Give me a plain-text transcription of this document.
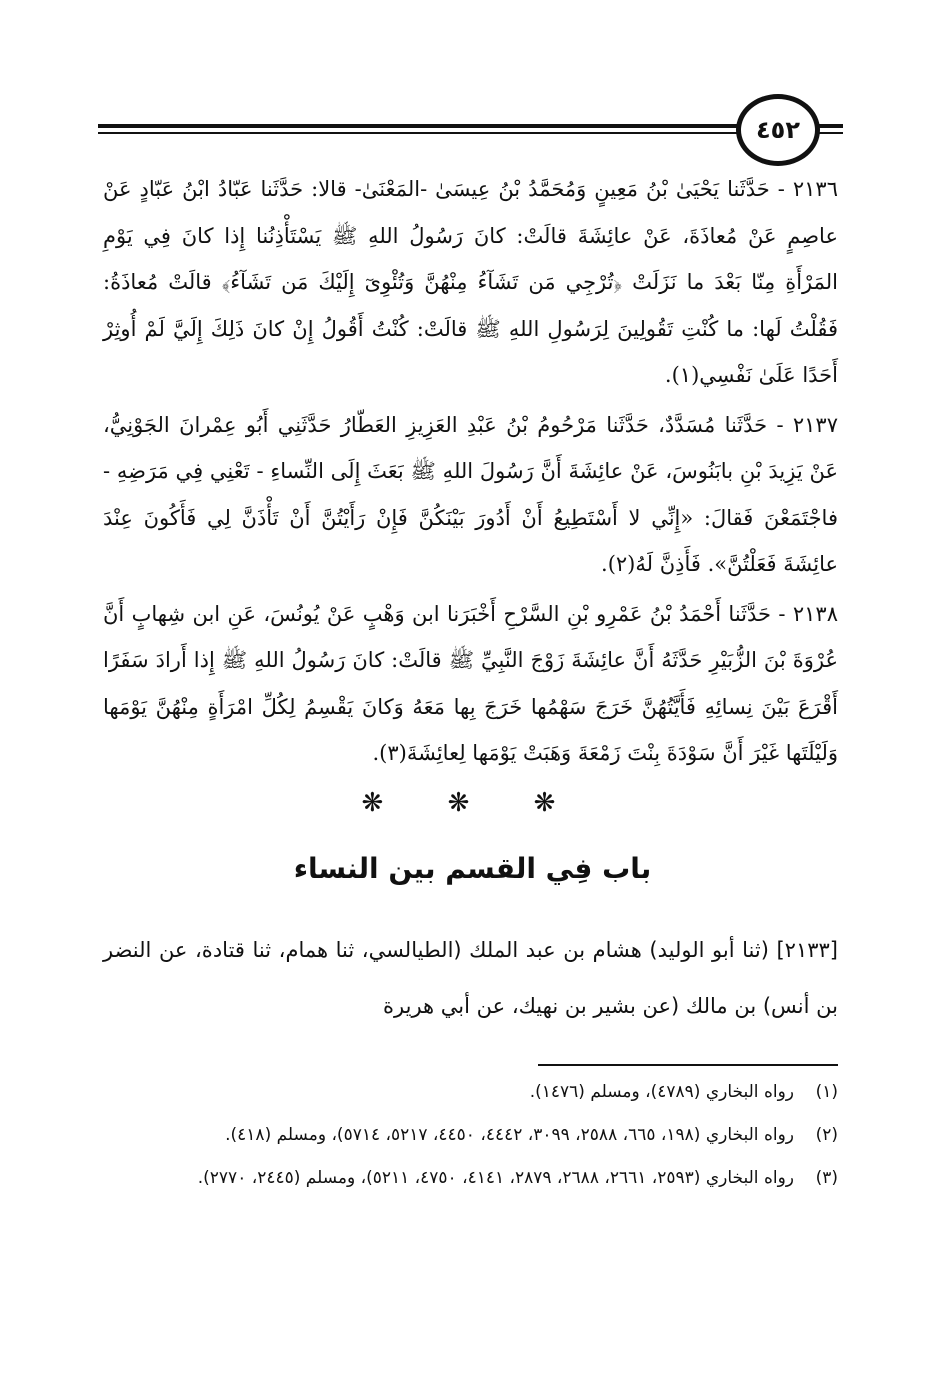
٤٥٢

٢١٣٦ - حَدَّثَنا يَحْيَىٰ بْنُ مَعِينٍ وَمُحَمَّدُ بْنُ عِيسَىٰ -المَعْنَىٰ- قالا: حَدَّثَنا عَبّادُ ابْنُ عَبّادٍ عَنْ عاصِمٍ عَنْ مُعاذَةَ، عَنْ عائِشَةَ قالَتْ: كانَ رَسُولُ اللهِ ﷺ يَسْتَأْذِنُنا إِذا كانَ فِي يَوْمِ المَرْأَةِ مِنّا بَعْدَ ما نَزَلَتْ ﴿تُرْجِي مَن تَشَآءُ مِنْهُنَّ وَتُئْوِىٓ إِلَيْكَ مَن تَشَآءُ﴾ قالَتْ مُعاذَةُ: فَقُلْتُ لَها: ما كُنْتِ تَقُولِينَ لِرَسُولِ اللهِ ﷺ قالَتْ: كُنْتُ أَقُولُ إِنْ كانَ ذَلِكَ إِلَيَّ لَمْ أُوثِرْ أَحَدًا عَلَىٰ نَفْسِي(١).

٢١٣٧ - حَدَّثَنا مُسَدَّدٌ، حَدَّثَنا مَرْحُومُ بْنُ عَبْدِ العَزِيزِ العَطّارُ حَدَّثَنِي أَبُو عِمْرانَ الجَوْنِيُّ، عَنْ يَزِيدَ بْنِ بابَنُوسَ، عَنْ عائِشَةَ أَنَّ رَسُولَ اللهِ ﷺ بَعَثَ إِلَى النِّساءِ - تَعْنِي فِي مَرَضِهِ - فاجْتَمَعْنَ فَقالَ: «إِنِّي لا أَسْتَطِيعُ أَنْ أَدُورَ بَيْنَكُنَّ فَإِنْ رَأَيْتُنَّ أَنْ تَأْذَنَّ لِي فَأَكُونَ عِنْدَ عائِشَةَ فَعَلْتُنَّ». فَأَذِنَّ لَهُ(٢).

٢١٣٨ - حَدَّثَنا أَحْمَدُ بْنُ عَمْرِو بْنِ السَّرْحِ أَخْبَرَنا ابن وَهْبٍ عَنْ يُونُسَ، عَنِ ابن شِهابٍ أَنَّ عُرْوَةَ بْنَ الزُّبَيْرِ حَدَّثَهُ أَنَّ عائِشَةَ زَوْجَ النَّبِيِّ ﷺ قالَتْ: كانَ رَسُولُ اللهِ ﷺ إِذا أَرادَ سَفَرًا أَقْرَعَ بَيْنَ نِسائِهِ فَأَيَّتُهُنَّ خَرَجَ سَهْمُها خَرَجَ بِها مَعَهُ وَكانَ يَقْسِمُ لِكُلِّ امْرَأَةٍ مِنْهُنَّ يَوْمَها وَلَيْلَتَها غَيْرَ أَنَّ سَوْدَةَ بِنْتَ زَمْعَةَ وَهَبَتْ يَوْمَها لِعائِشَةَ(٣).

❋ ❋ ❋
باب فِي القسم بين النساء
[٢١٣٣] (ثنا أبو الوليد) هشام بن عبد الملك (الطيالسي، ثنا همام، ثنا قتادة، عن النضر بن أنس) بن مالك (عن بشير بن نهيك، عن أبي هريرة
(١)
رواه البخاري (٤٧٨٩)، ومسلم (١٤٧٦).
(٢)
رواه البخاري (١٩٨، ٦٦٥، ٢٥٨٨، ٣٠٩٩، ٤٤٤٢، ٤٤٥٠، ٥٢١٧، ٥٧١٤)، ومسلم (٤١٨).
(٣)
رواه البخاري (٢٥٩٣، ٢٦٦١، ٢٦٨٨، ٢٨٧٩، ٤١٤١، ٤٧٥٠، ٥٢١١)، ومسلم (٢٤٤٥، ٢٧٧٠).
